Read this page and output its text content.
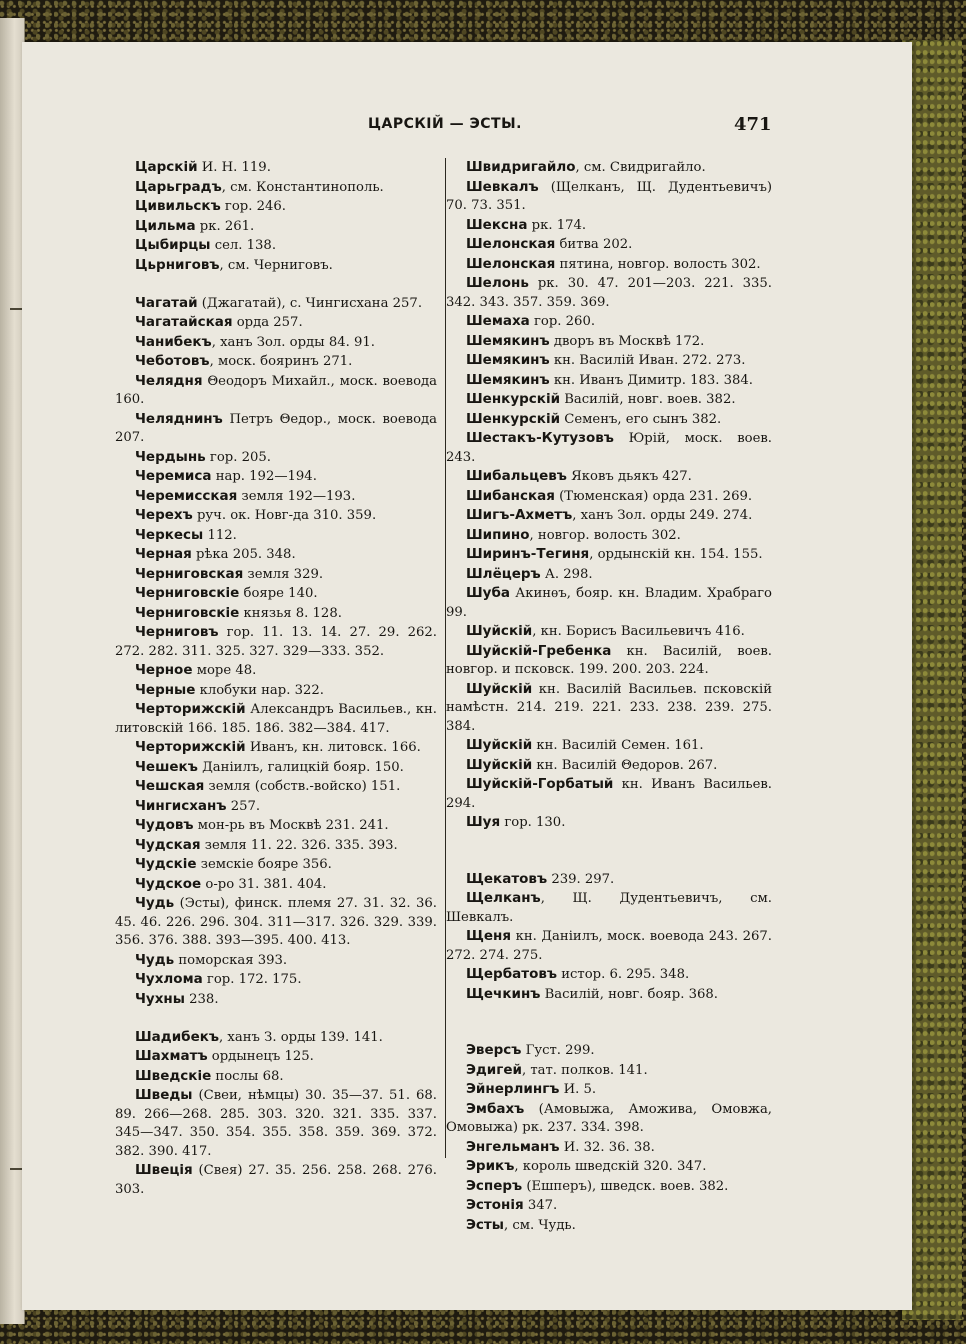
ЦАРСКІЙ — ЭСТЫ.	471

Царскій И. Н. 119.

Царьградъ, см. Константинополь.

Цивильскъ гор. 246.

Цильма рк. 261.

Цыбирцы сел. 138.

Цьрниговъ, см. Черниговъ.

Чагатай (Джагатай), с. Чингисхана 257.

Чагатайская орда 257.

Чанибекъ, ханъ Зол. орды 84. 91.

Чеботовъ, моск. бояринъ 271.

Челядня Θеодоръ Михайл., моск. воевода 160.

Челяднинъ Петръ Θедор., моск. воевода 207.

Чердынь гор. 205.

Черемиса нар. 192—194.

Черемисская земля 192—193.

Черехъ руч. ок. Новг-да 310. 359.

Черкесы 112.

Черная рѣка 205. 348.

Черниговская земля 329.

Черниговскіе бояре 140.

Черниговскіе князья 8. 128.

Черниговъ гор. 11. 13. 14. 27. 29. 262. 272. 282. 311. 325. 327. 329—333. 352.

Черное море 48.

Черные клобуки нар. 322.

Черторижскій Александръ Васильев., кн. литовскій 166. 185. 186. 382—384. 417.

Черторижскій Иванъ, кн. литовск. 166.

Чешекъ Даніилъ, галицкій бояр. 150.

Чешская земля (собств.-войско) 151.

Чингисханъ 257.

Чудовъ мон-рь въ Москвѣ 231. 241.

Чудская земля 11. 22. 326. 335. 393.

Чудскіе земскіе бояре 356.

Чудское о-ро 31. 381. 404.

Чудь (Эсты), финск. племя 27. 31. 32. 36. 45. 46. 226. 296. 304. 311—317. 326. 329. 339. 356. 376. 388. 393—395. 400. 413.

Чудь поморская 393.

Чухлома гор. 172. 175.

Чухны 238.

Шадибекъ, ханъ З. орды 139. 141.

Шахматъ ордынецъ 125.

Шведскіе послы 68.

Шведы (Свеи, нѣмцы) 30. 35—37. 51. 68. 89. 266—268. 285. 303. 320. 321. 335. 337. 345—347. 350. 354. 355. 358. 359. 369. 372. 382. 390. 417.

Швеція (Свея) 27. 35. 256. 258. 268. 276. 303.

Швидригайло, см. Свидригайло.

Шевкалъ (Щелканъ, Щ. Дудентьевичъ) 70. 73. 351.

Шексна рк. 174.

Шелонская битва 202.

Шелонская пятина, новгор. волость 302.

Шелонь рк. 30. 47. 201—203. 221. 335. 342. 343. 357. 359. 369.

Шемаха гор. 260.

Шемякинъ дворъ въ Москвѣ 172.

Шемякинъ кн. Василій Иван. 272. 273.

Шемякинъ кн. Иванъ Димитр. 183. 384.

Шенкурскій Василій, новг. воев. 382.

Шенкурскій Семенъ, его сынъ 382.

Шестакъ-Кутузовъ Юрій, моск. воев. 243.

Шибальцевъ Яковъ дьякъ 427.

Шибанская (Тюменская) орда 231. 269.

Шигъ-Ахметъ, ханъ Зол. орды 249. 274.

Шипино, новгор. волость 302.

Ширинъ-Тегиня, ордынскій кн. 154. 155.

Шлёцеръ А. 298.

Шуба Акинѳъ, бояр. кн. Владим. Храбраго 99.

Шуйскій, кн. Борисъ Васильевичъ 416.

Шуйскій-Гребенка кн. Василій, воев. новгор. и псковск. 199. 200. 203. 224.

Шуйскій кн. Василій Васильев. псковскій намѣстн. 214. 219. 221. 233. 238. 239. 275. 384.

Шуйскій кн. Василій Семен. 161.

Шуйскій кн. Василій Θедоров. 267.

Шуйскій-Горбатый кн. Иванъ Васильев. 294.

Шуя гор. 130.

Щекатовъ 239. 297.

Щелканъ, Щ. Дудентьевичъ, см. Шевкалъ.

Щеня кн. Даніилъ, моск. воевода 243. 267. 272. 274. 275.

Щербатовъ истор. 6. 295. 348.

Щечкинъ Василій, новг. бояр. 368.

Эверсъ Густ. 299.

Эдигей, тат. полков. 141.

Эйнерлингъ И. 5.

Эмбахъ (Амовыжа, Аможива, Омовжа, Омовыжа) рк. 237. 334. 398.

Энгельманъ И. 32. 36. 38.

Эрикъ, король шведскій 320. 347.

Эсперъ (Ешперъ), шведск. воев. 382.

Эстонія 347.

Эсты, см. Чудь.
